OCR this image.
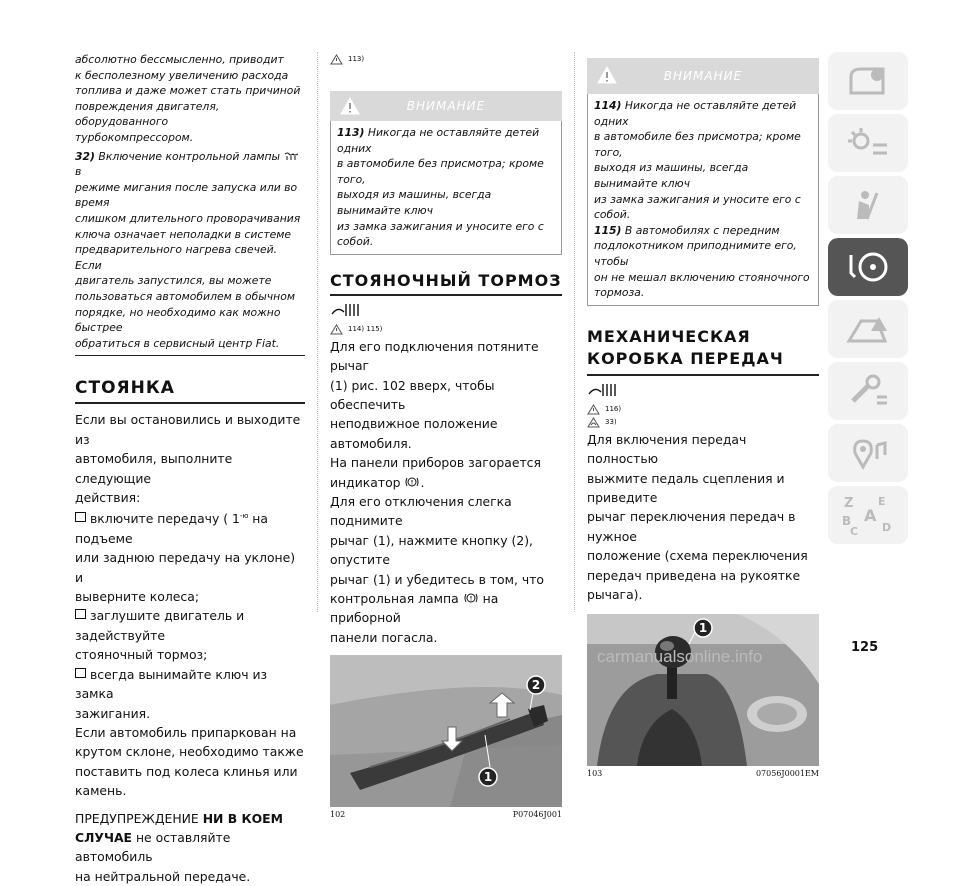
абсолютно бессмысленно, приводит

к бесполезному увеличению расхода

топлива и даже может стать причиной

повреждения двигателя, оборудованного

турбокомпрессором.

32) Включение контрольной лампы  в

режиме мигания после запуска или во время

слишком длительного проворачивания

ключа означает неполадки в системе

предварительного нагрева свечей. Если

двигатель запустился, вы можете

пользоваться автомобилем в обычном

порядке, но необходимо как можно быстрее

обратиться в сервисный центр Fiat.

СТОЯНКА

Если вы остановились и выходите из

автомобиля, выполните следующие

действия:

включите передачу ( $1^{-ю}$ на подъеме

или заднюю передачу на уклоне) и

выверните колеса;

заглушите двигатель и задействуйте

стояночный тормоз;

всегда вынимайте ключ из замка

зажигания.

Если автомобиль припаркован на

крутом склоне, необходимо также

поставить под колеса клинья или

камень.

ПРЕДУПРЕЖДЕНИЕ НИ В КОЕМ

СЛУЧАЕ не оставляйте автомобиль

на нейтральной передаче.

113)
ВНИМАНИЕ

113) Никогда не оставляйте детей одних

в автомобиле без присмотра; кроме того,

выходя из машины, всегда вынимайте ключ

из замка зажигания и уносите его с собой.

СТОЯНОЧНЫЙ ТОРМОЗ
114) 115)

Для его подключения потяните рычаг

(1) рис. 102 вверх, чтобы обеспечить

неподвижное положение автомобиля.

На панели приборов загорается

индикатор .

Для его отключения слегка поднимите

рычаг (1), нажмите кнопку (2), опустите

рычаг (1) и убедитесь в том, что

контрольная лампа  на приборной

панели погасла.

2
1
102	P07046J001
ВНИМАНИЕ

114) Никогда не оставляйте детей одних

в автомобиле без присмотра; кроме того,

выходя из машины, всегда вынимайте ключ

из замка зажигания и уносите его с собой.

115) В автомобилях с передним

подлокотником приподнимите его, чтобы

он не мешал включению стояночного

тормоза.

МЕХАНИЧЕСКАЯ
КОРОБКА ПЕРЕДАЧ
116)
33)

Для включения передач полностью

выжмите педаль сцепления и приведите

рычаг переключения передач в нужное

положение (схема переключения

передач приведена на рукоятке рычага).

1
103	07056J0001EM
Z E
B A
C D
125
carmanualsonline.info
